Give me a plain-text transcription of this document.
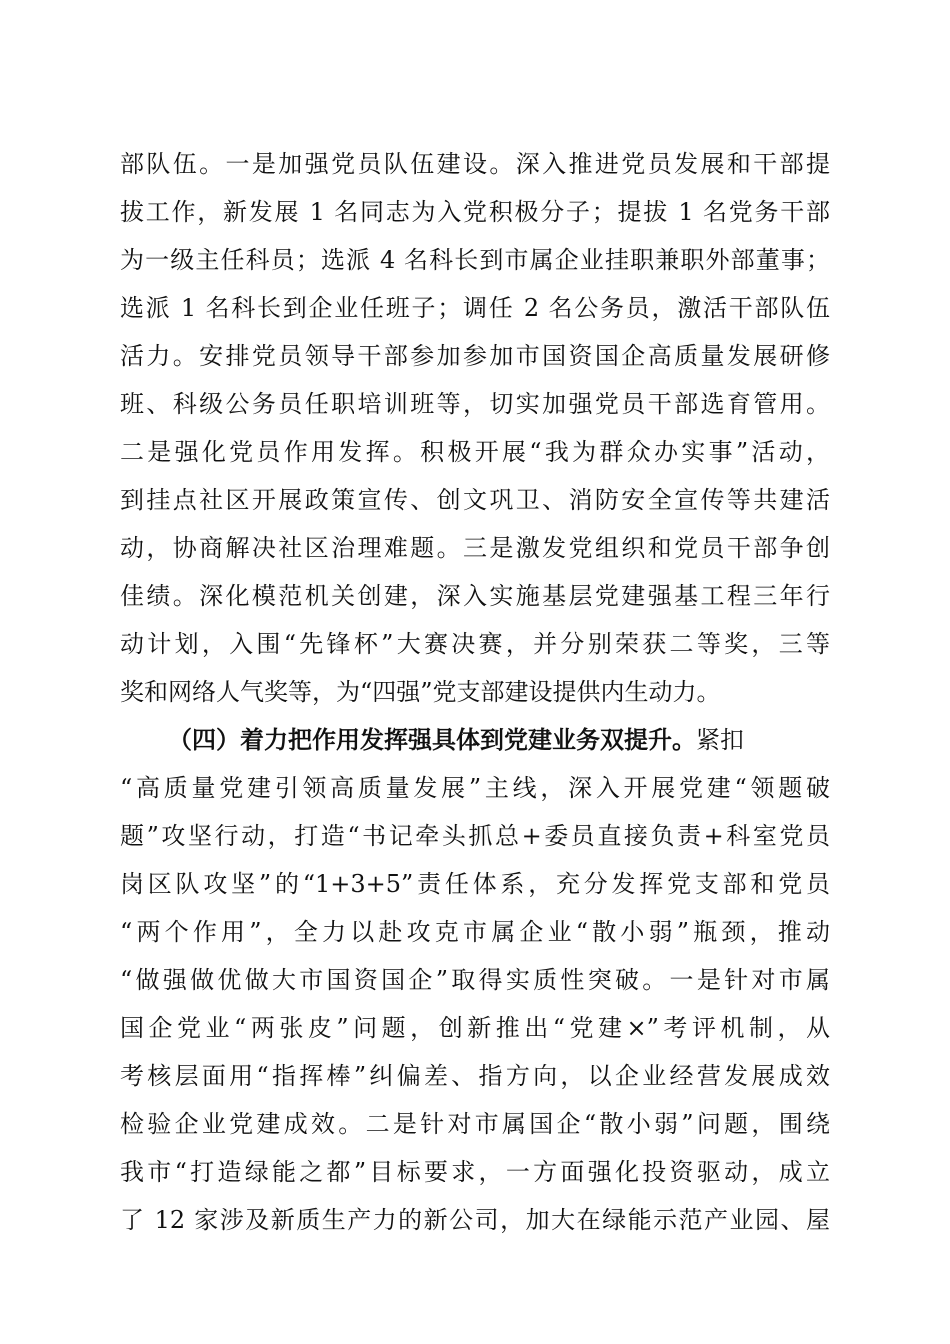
部队伍。一是加强党员队伍建设。深入推进党员发展和干部提
拔工作，新发展 1 名同志为入党积极分子；提拔 1 名党务干部
为一级主任科员；选派 4 名科长到市属企业挂职兼职外部董事；
选派 1 名科长到企业任班子；调任 2 名公务员，激活干部队伍
活力。安排党员领导干部参加参加市国资国企高质量发展研修
班、科级公务员任职培训班等，切实加强党员干部选育管用。
二是强化党员作用发挥。积极开展“我为群众办实事”活动，
到挂点社区开展政策宣传、创文巩卫、消防安全宣传等共建活
动，协商解决社区治理难题。三是激发党组织和党员干部争创
佳绩。深化模范机关创建，深入实施基层党建强基工程三年行
动计划，入围“先锋杯”大赛决赛，并分别荣获二等奖，三等
奖和网络人气奖等，为“四强”党支部建设提供内生动力。
（四）着力把作用发挥强具体到党建业务双提升。紧扣
“高质量党建引领高质量发展”主线，深入开展党建“领题破
题”攻坚行动，打造“书记牵头抓总+委员直接负责+科室党员
岗区队攻坚”的“1+3+5”责任体系，充分发挥党支部和党员
“两个作用”，全力以赴攻克市属企业“散小弱”瓶颈，推动
“做强做优做大市国资国企”取得实质性突破。一是针对市属
国企党业“两张皮”问题，创新推出“党建×”考评机制，从
考核层面用“指挥棒”纠偏差、指方向，以企业经营发展成效
检验企业党建成效。二是针对市属国企“散小弱”问题，围绕
我市“打造绿能之都”目标要求，一方面强化投资驱动，成立
了 12 家涉及新质生产力的新公司，加大在绿能示范产业园、屋
